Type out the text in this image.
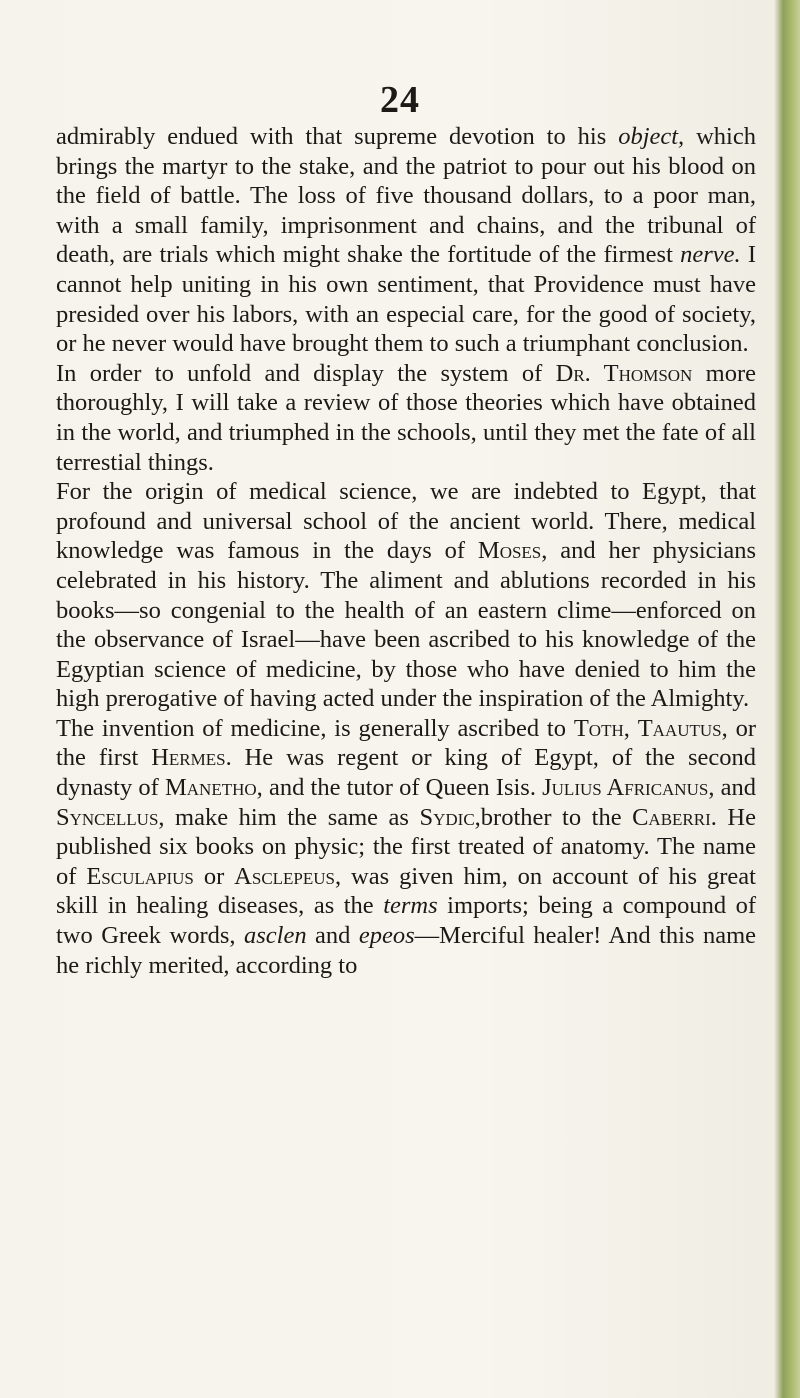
24

admirably endued with that supreme devotion to his object, which brings the martyr to the stake, and the patriot to pour out his blood on the field of battle. The loss of five thousand dollars, to a poor man, with a small family, imprisonment and chains, and the tribunal of death, are trials which might shake the fortitude of the firmest nerve. I cannot help uniting in his own sentiment, that Providence must have presided over his labors, with an especial care, for the good of society, or he never would have brought them to such a triumphant conclusion.

In order to unfold and display the system of Dr. Thomson more thoroughly, I will take a review of those theories which have obtained in the world, and triumphed in the schools, until they met the fate of all terrestial things.

For the origin of medical science, we are indebted to Egypt, that profound and universal school of the ancient world. There, medical knowledge was famous in the days of Moses, and her physicians celebrated in his history. The aliment and ablutions recorded in his books—so congenial to the health of an eastern clime—enforced on the observance of Israel—have been ascribed to his knowledge of the Egyptian science of medicine, by those who have denied to him the high prerogative of having acted under the inspiration of the Almighty.

The invention of medicine, is generally ascribed to Toth, Taautus, or the first Hermes. He was regent or king of Egypt, of the second dynasty of Manetho, and the tutor of Queen Isis. Julius Africanus, and Syncellus, make him the same as Sydic,brother to the Caberri. He published six books on physic; the first treated of anatomy. The name of Esculapius or Asclepeus, was given him, on account of his great skill in healing diseases, as the terms imports; being a compound of two Greek words, asclen and epeos—Merciful healer! And this name he richly merited, according to
